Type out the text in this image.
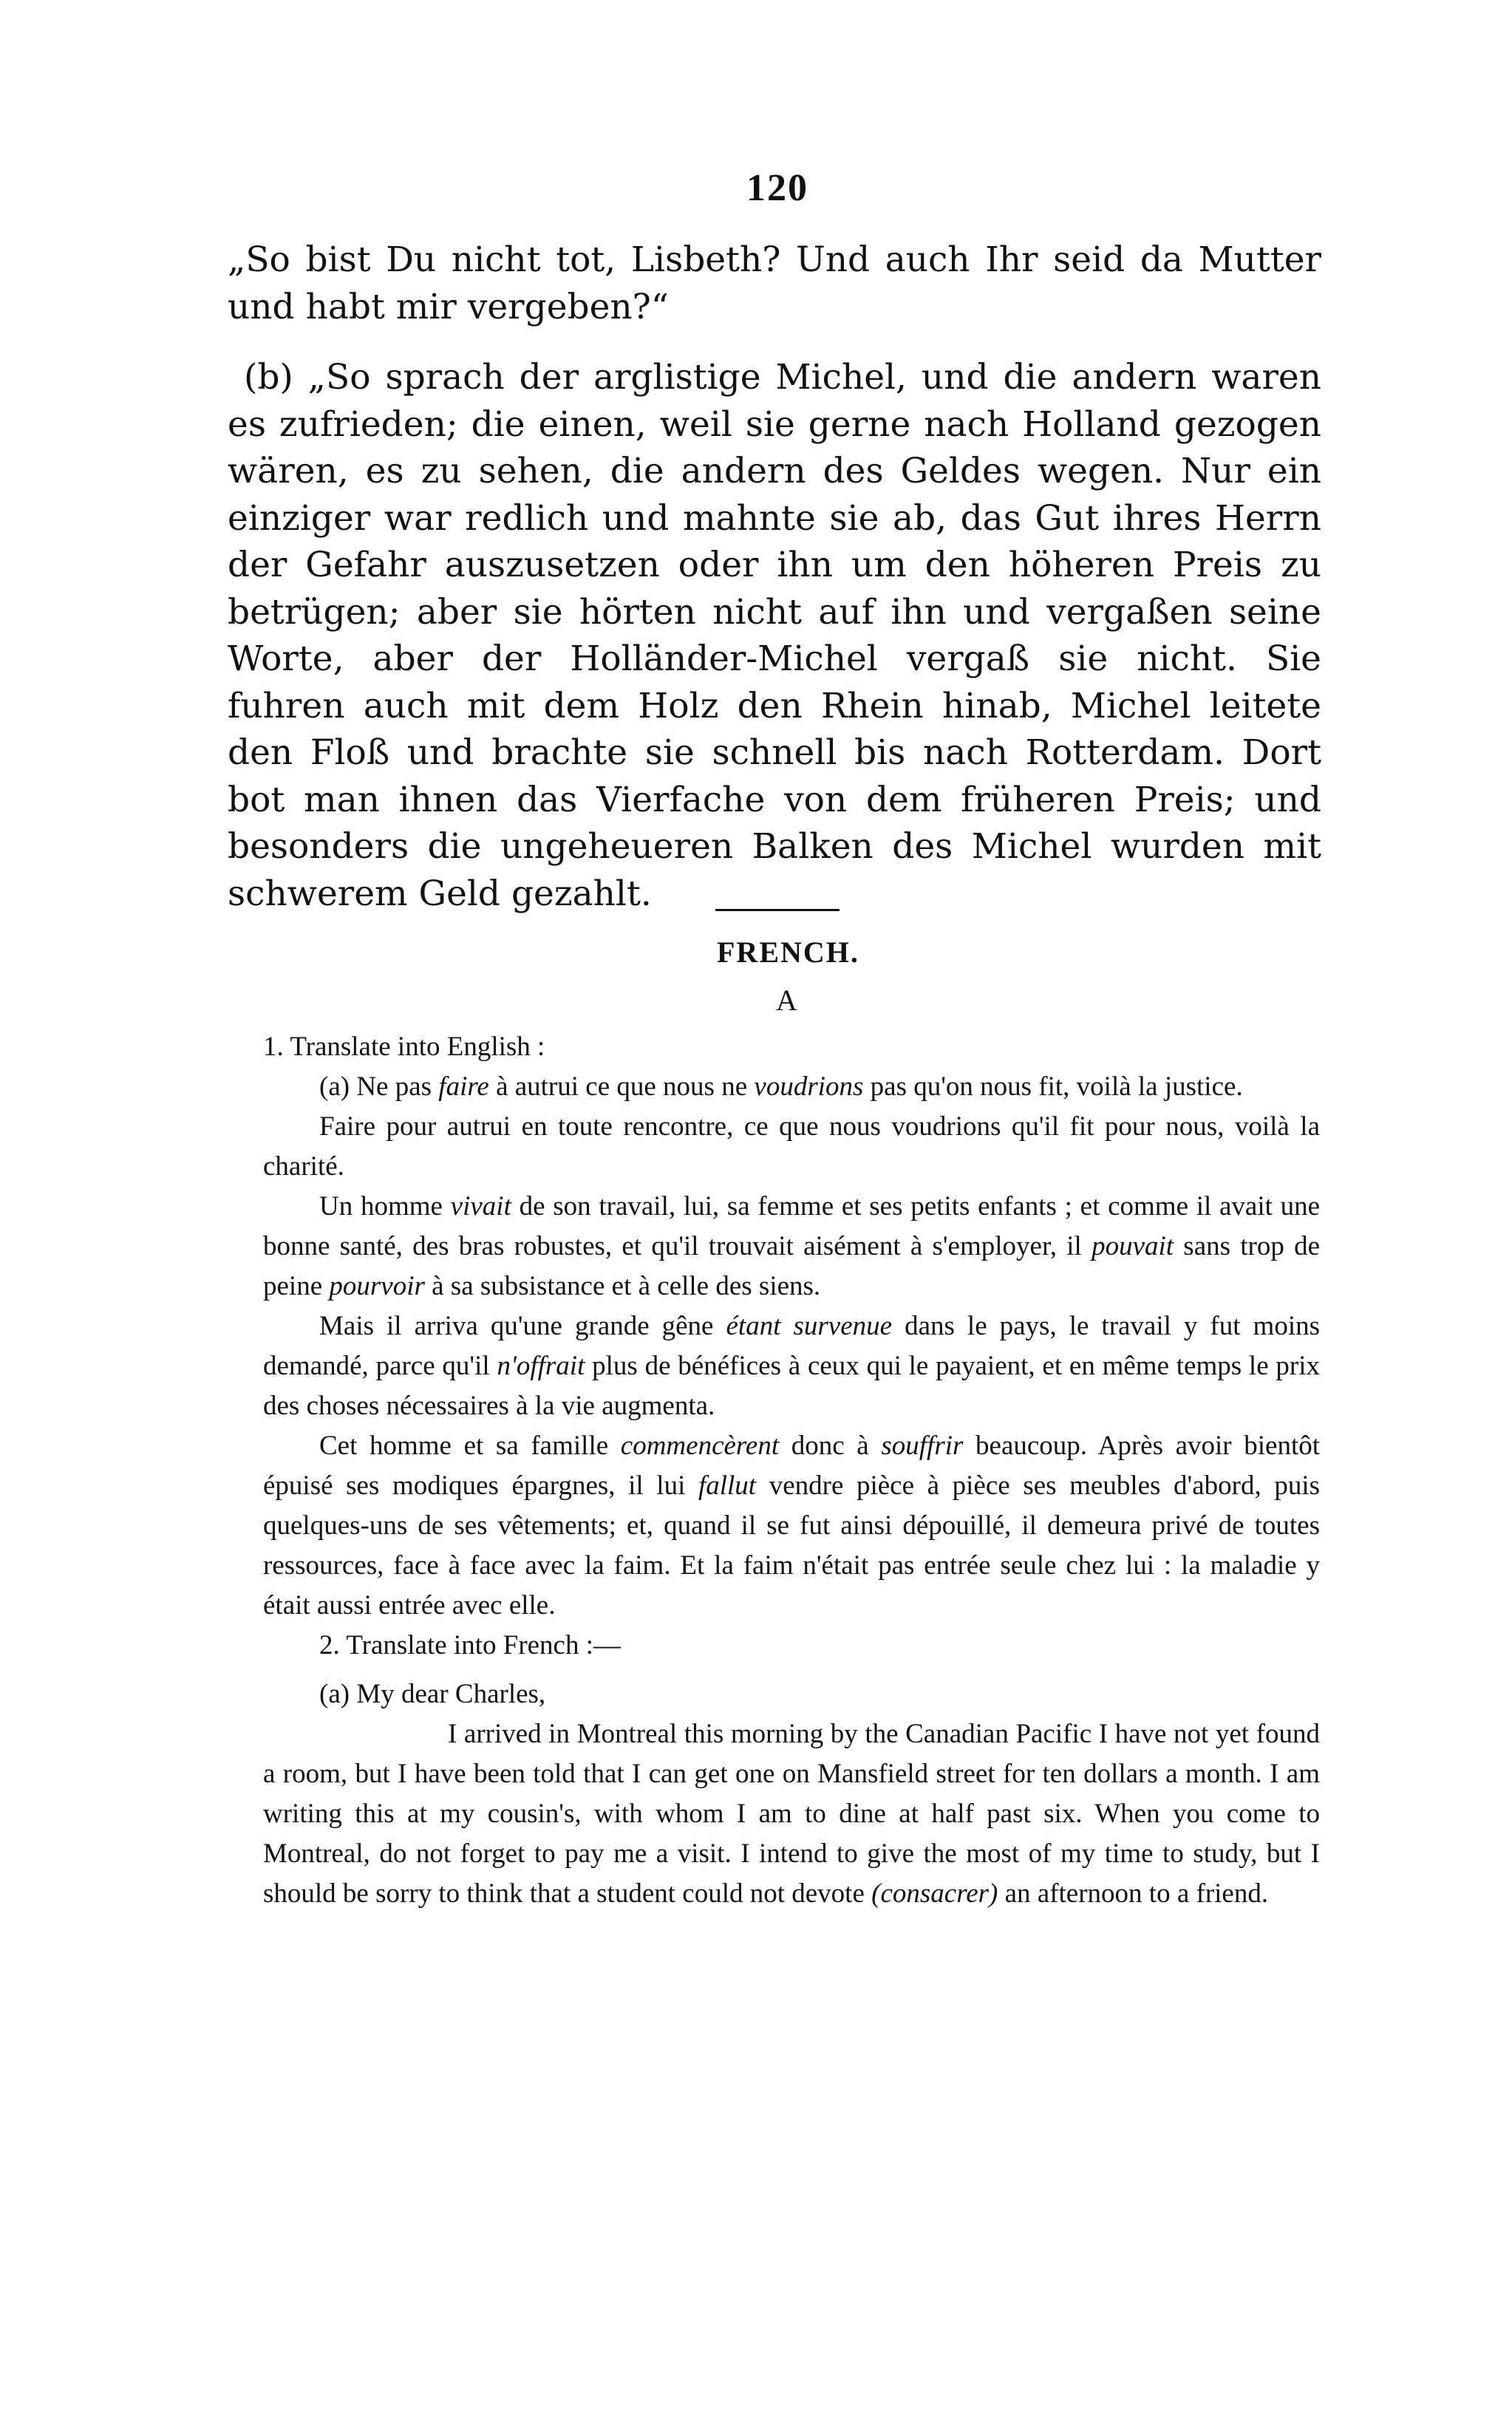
120

„So bist Du nicht tot, Lisbeth? Und auch Ihr seid da Mutter und habt mir vergeben?“

(b) „So sprach der arglistige Michel, und die andern waren es zufrieden; die einen, weil sie gerne nach Holland gezogen wären, es zu sehen, die andern des Geldes wegen. Nur ein einziger war redlich und mahnte sie ab, das Gut ihres Herrn der Gefahr auszusetzen oder ihn um den höheren Preis zu betrügen; aber sie hörten nicht auf ihn und vergaßen seine Worte, aber der Holländer-Michel vergaß sie nicht. Sie fuhren auch mit dem Holz den Rhein hinab, Michel leitete den Floß und brachte sie schnell bis nach Rotterdam. Dort bot man ihnen das Vierfache von dem früheren Preis; und besonders die ungeheueren Balken des Michel wurden mit schwerem Geld gezahlt.

FRENCH.
A

1. Translate into English :

(a) Ne pas faire à autrui ce que nous ne voudrions pas qu'on nous fit, voilà la justice.

Faire pour autrui en toute rencontre, ce que nous voudrions qu'il fit pour nous, voilà la charité.

Un homme vivait de son travail, lui, sa femme et ses petits enfants ; et comme il avait une bonne santé, des bras robustes, et qu'il trouvait aisément à s'employer, il pouvait sans trop de peine pourvoir à sa subsistance et à celle des siens.

Mais il arriva qu'une grande gêne étant survenue dans le pays, le travail y fut moins demandé, parce qu'il n'offrait plus de bénéfices à ceux qui le payaient, et en même temps le prix des choses nécessaires à la vie augmenta.

Cet homme et sa famille commencèrent donc à souffrir beaucoup. Après avoir bientôt épuisé ses modiques épargnes, il lui fallut vendre pièce à pièce ses meubles d'abord, puis quelques-uns de ses vêtements; et, quand il se fut ainsi dépouillé, il demeura privé de toutes ressources, face à face avec la faim. Et la faim n'était pas entrée seule chez lui : la maladie y était aussi entrée avec elle.

2. Translate into French :—

(a) My dear Charles,

I arrived in Montreal this morning by the Canadian Pacific I have not yet found a room, but I have been told that I can get one on Mansfield street for ten dollars a month. I am writing this at my cousin's, with whom I am to dine at half past six. When you come to Montreal, do not forget to pay me a visit. I intend to give the most of my time to study, but I should be sorry to think that a student could not devote (consacrer) an afternoon to a friend.
